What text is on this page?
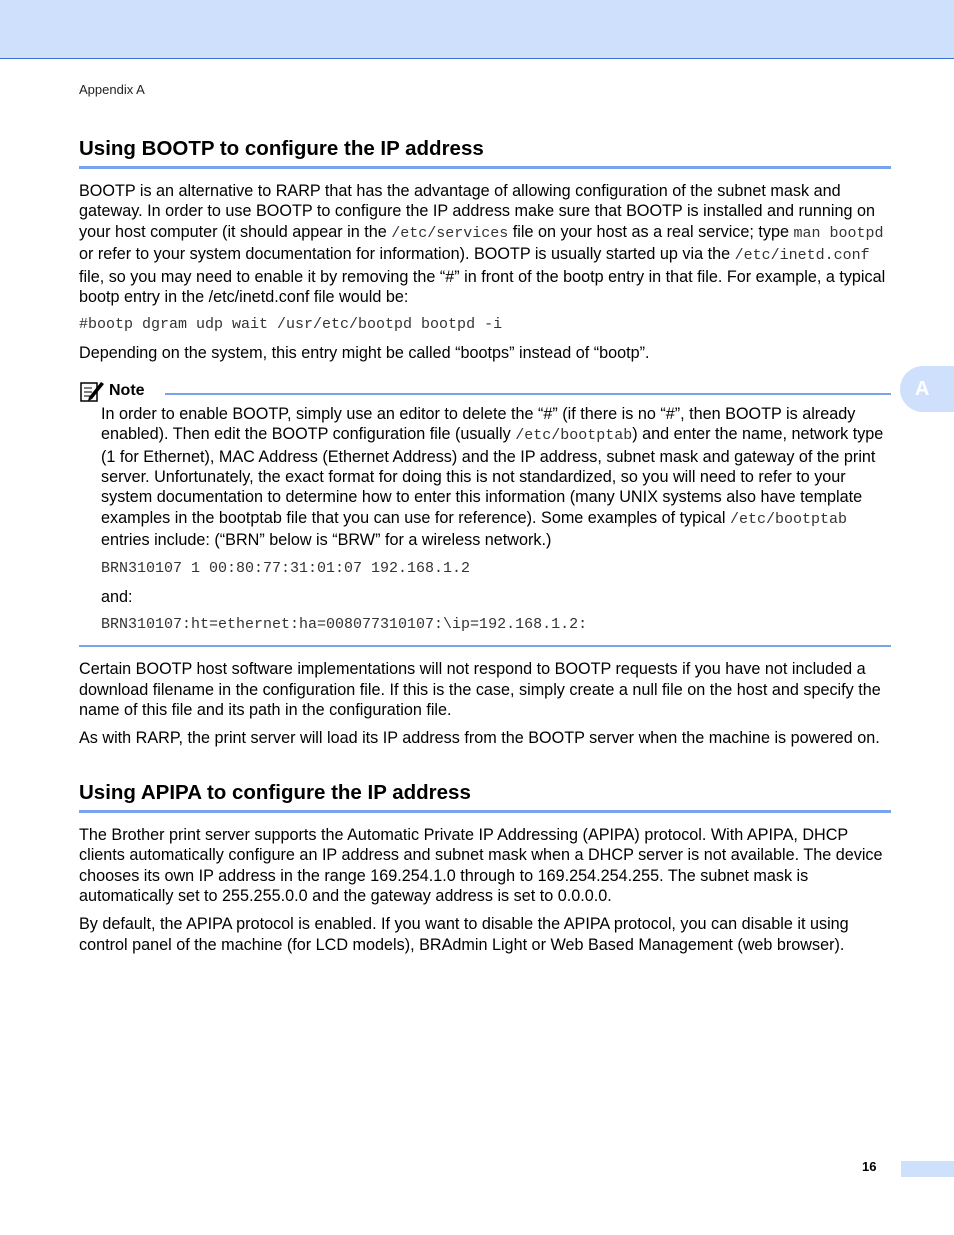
Appendix A
A
Using BOOTP to configure the IP address

BOOTP is an alternative to RARP that has the advantage of allowing configuration of the subnet mask and gateway. In order to use BOOTP to configure the IP address make sure that BOOTP is installed and running on your host computer (it should appear in the /etc/services file on your host as a real service; type man bootpd or refer to your system documentation for information). BOOTP is usually started up via the /etc/inetd.conf file, so you may need to enable it by removing the “#” in front of the bootp entry in that file. For example, a typical bootp entry in the /etc/inetd.conf file would be:

#bootp dgram udp wait /usr/etc/bootpd bootpd -i

Depending on the system, this entry might be called “bootps” instead of “bootp”.

Note

In order to enable BOOTP, simply use an editor to delete the “#” (if there is no “#”, then BOOTP is already enabled). Then edit the BOOTP configuration file (usually /etc/bootptab) and enter the name, network type (1 for Ethernet), MAC Address (Ethernet Address) and the IP address, subnet mask and gateway of the print server. Unfortunately, the exact format for doing this is not standardized, so you will need to refer to your system documentation to determine how to enter this information (many UNIX systems also have template examples in the bootptab file that you can use for reference). Some examples of typical /etc/bootptab entries include: (“BRN” below is “BRW” for a wireless network.)

BRN310107 1 00:80:77:31:01:07 192.168.1.2

and:

BRN310107:ht=ethernet:ha=008077310107:\ip=192.168.1.2:

Certain BOOTP host software implementations will not respond to BOOTP requests if you have not included a download filename in the configuration file. If this is the case, simply create a null file on the host and specify the name of this file and its path in the configuration file.

As with RARP, the print server will load its IP address from the BOOTP server when the machine is powered on.

Using APIPA to configure the IP address

The Brother print server supports the Automatic Private IP Addressing (APIPA) protocol. With APIPA, DHCP clients automatically configure an IP address and subnet mask when a DHCP server is not available. The device chooses its own IP address in the range 169.254.1.0 through to 169.254.254.255. The subnet mask is automatically set to 255.255.0.0 and the gateway address is set to 0.0.0.0.

By default, the APIPA protocol is enabled. If you want to disable the APIPA protocol, you can disable it using control panel of the machine (for LCD models), BRAdmin Light or Web Based Management (web browser).

16
